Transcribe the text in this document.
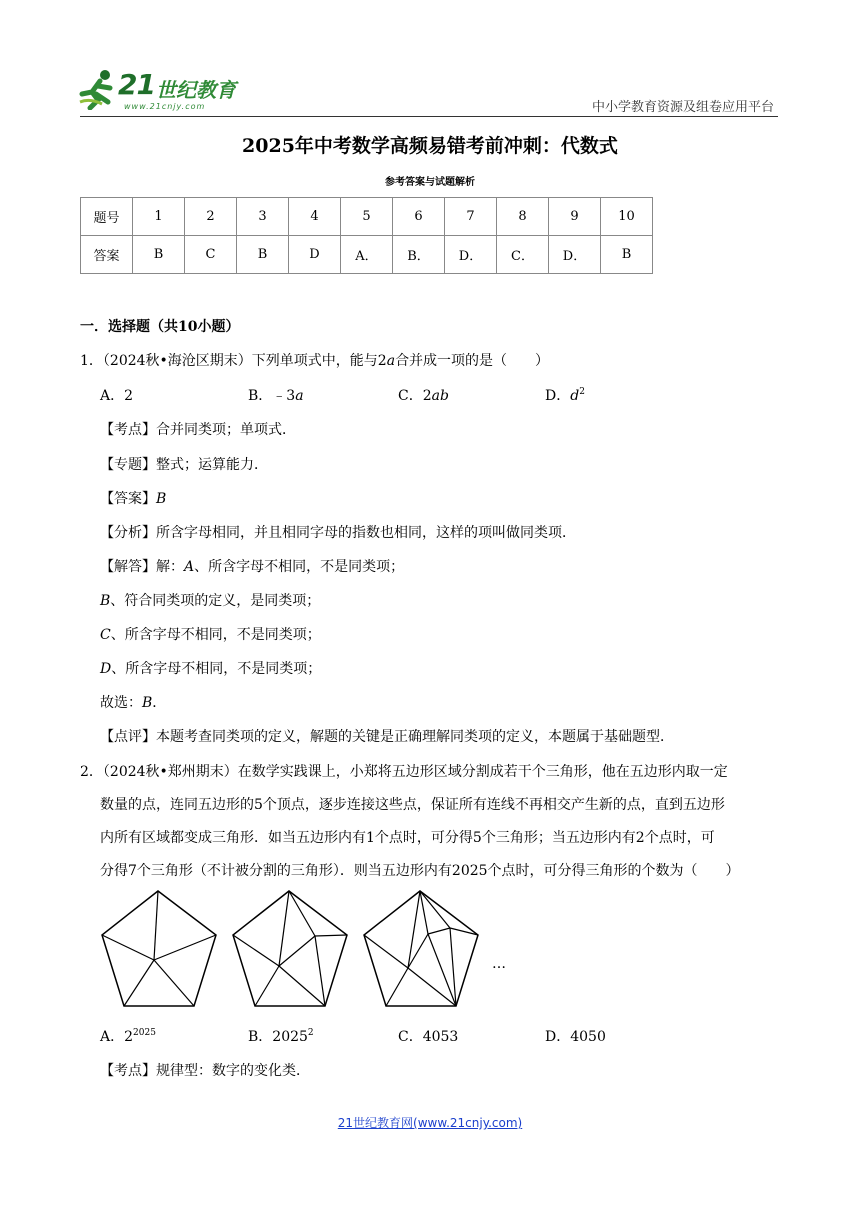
21 世纪教育
www.21cnjy.com	中小学教育资源及组卷应用平台
2025年中考数学高频易错考前冲刺：代数式
参考答案与试题解析
题号	1	2	3	4	5	6	7	8	9	10
答案	B	C	B	D	A．	B．	D．	C．	D．	B
一．选择题（共10小题）
1．（2024秋•海沧区期末）下列单项式中，能与2a合并成一项的是（　　）
A．2	B．﹣3a	C．2ab	D．$d^2$
【考点】合并同类项；单项式．
【专题】整式；运算能力．
【答案】B
【分析】所含字母相同，并且相同字母的指数也相同，这样的项叫做同类项．
【解答】解：A、所含字母不相同，不是同类项；
B、符合同类项的定义，是同类项；
C、所含字母不相同，不是同类项；
D、所含字母不相同，不是同类项；
故选：B．
【点评】本题考查同类项的定义，解题的关键是正确理解同类项的定义，本题属于基础题型．
2．（2024秋•郑州期末）在数学实践课上，小郑将五边形区域分割成若干个三角形，他在五边形内取一定
数量的点，连同五边形的5个顶点，逐步连接这些点，保证所有连线不再相交产生新的点，直到五边形
内所有区域都变成三角形．如当五边形内有1个点时，可分得5个三角形；当五边形内有2个点时，可
分得7个三角形（不计被分割的三角形）．则当五边形内有2025个点时，可分得三角形的个数为（　　）
…
A．$2^{2025}$	B．2025$^2$	C．4053	D．4050
【考点】规律型：数字的变化类．
21世纪教育网(www.21cnjy.com)
